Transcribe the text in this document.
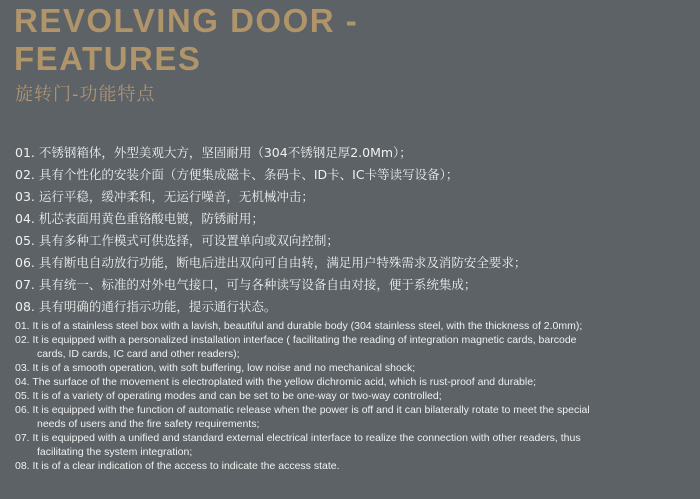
REVOLVING DOOR -
FEATURES
旋转门-功能特点
01. 不锈钢箱体，外型美观大方，坚固耐用（304不锈钢足厚2.0Mm）；
02. 具有个性化的安装介面（方便集成磁卡、条码卡、ID卡、IC卡等读写设备）；
03. 运行平稳，缓冲柔和，无运行噪音，无机械冲击；
04. 机芯表面用黄色重铬酸电镀，防锈耐用；
05. 具有多种工作模式可供选择，可设置单向或双向控制；
06. 具有断电自动放行功能，断电后进出双向可自由转，满足用户特殊需求及消防安全要求；
07. 具有统一、标准的对外电气接口，可与各种读写设备自由对接，便于系统集成；
08. 具有明确的通行指示功能，提示通行状态。
01. It is of a stainless steel box with a lavish, beautiful and durable body (304 stainless steel, with the thickness of 2.0mm);
02. It is equipped with a personalized installation interface ( facilitating the reading of integration magnetic cards, barcode
cards, ID cards, IC card and other readers);
03. It is of a smooth operation, with soft buffering, low noise and no mechanical shock;
04. The surface of the movement is electroplated with the yellow dichromic acid, which is rust-proof and durable;
05. It is of a variety of operating modes and can be set to be one-way or two-way controlled;
06. It is equipped with the function of automatic release when the power is off and it can bilaterally rotate to meet the special
needs of users and the fire safety requirements;
07. It is equipped with a unified and standard external electrical interface to realize the connection with other readers, thus
facilitating the system integration;
08. It is of a clear indication of the access to indicate the access state.
